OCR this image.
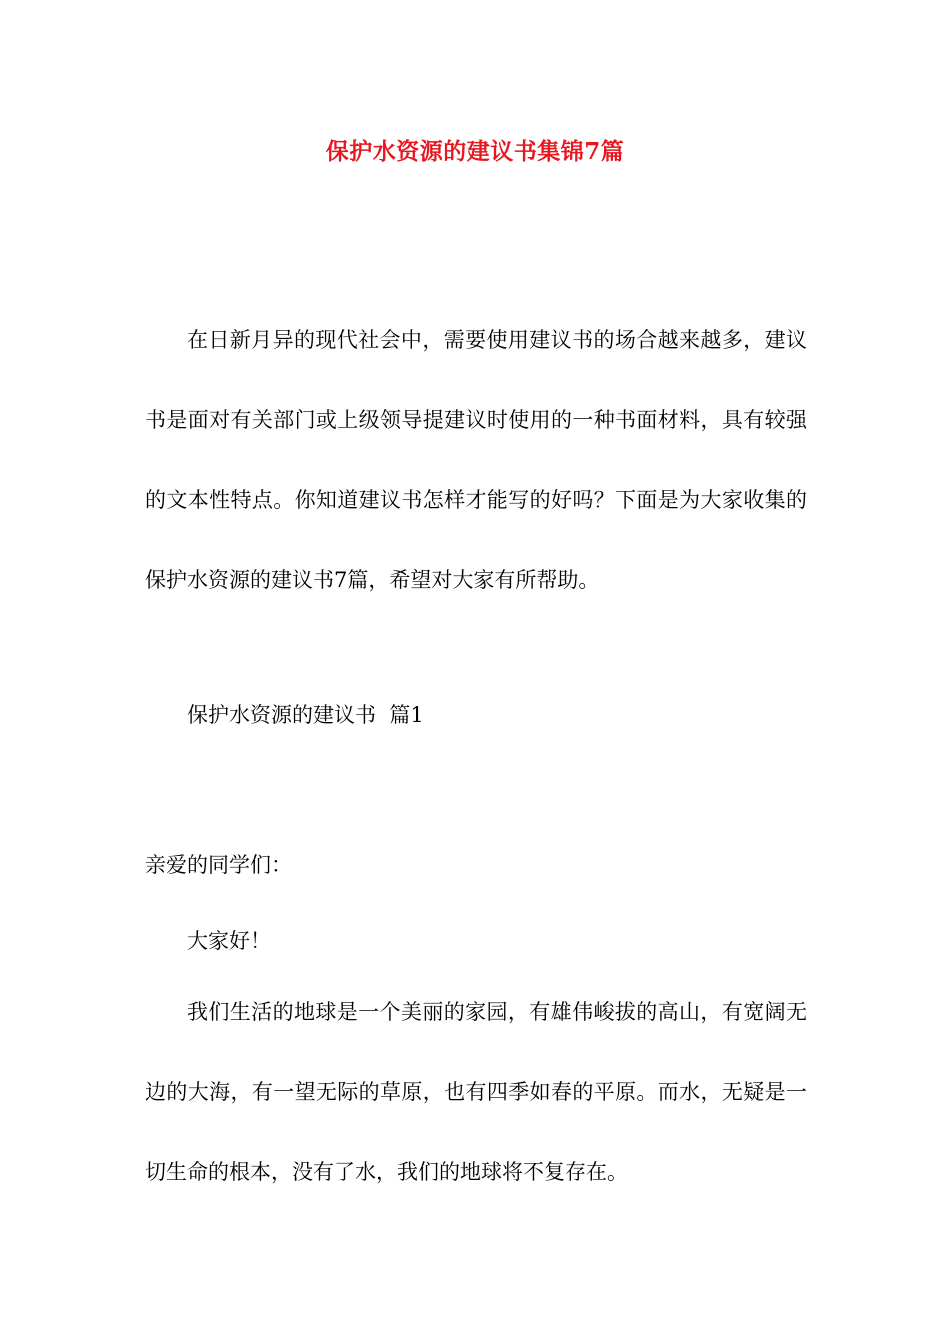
保护水资源的建议书集锦7篇

在日新月异的现代社会中，需要使用建议书的场合越来越多，建议书是面对有关部门或上级领导提建议时使用的一种书面材料，具有较强的文本性特点。你知道建议书怎样才能写的好吗？下面是为大家收集的保护水资源的建议书7篇，希望对大家有所帮助。

保护水资源的建议书  篇1

亲爱的同学们：

大家好！

我们生活的地球是一个美丽的家园，有雄伟峻拔的高山，有宽阔无边的大海，有一望无际的草原，也有四季如春的平原。而水，无疑是一切生命的根本，没有了水，我们的地球将不复存在。
